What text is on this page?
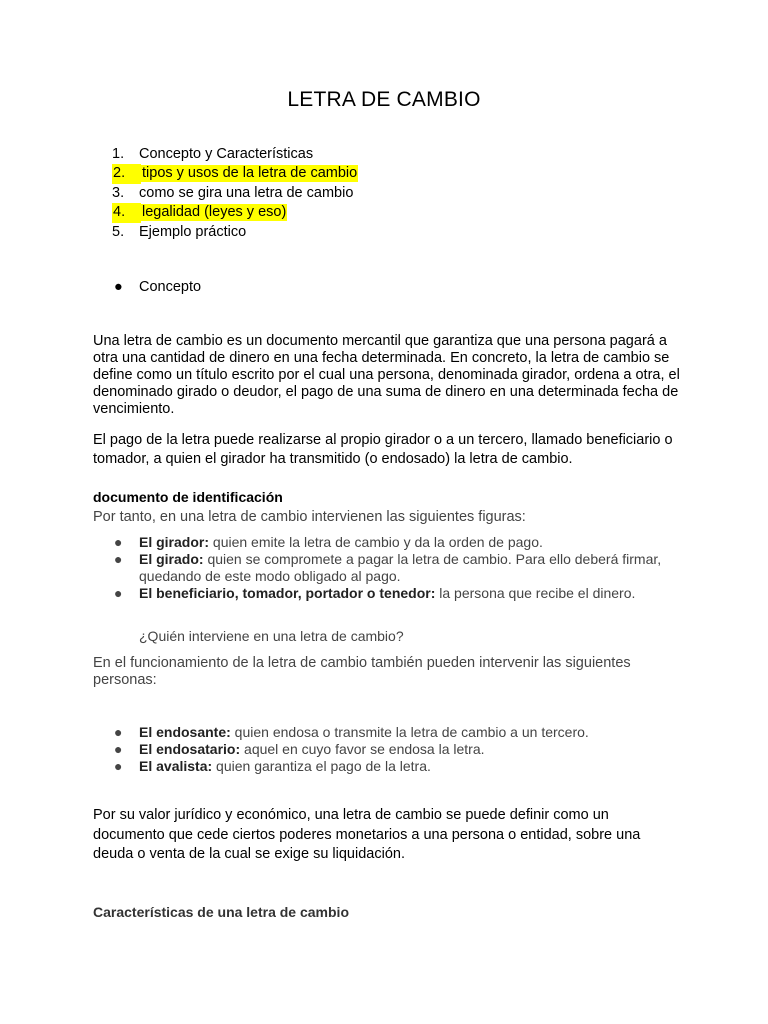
LETRA DE CAMBIO
1. Concepto y Características
2. tipos y usos de la letra de cambio
3. como se gira una letra de cambio
4. legalidad (leyes y eso)
5. Ejemplo práctico
● Concepto

Una letra de cambio es un documento mercantil que garantiza que una persona pagará a otra una cantidad de dinero en una fecha determinada. En concreto, la letra de cambio se define como un título escrito por el cual una persona, denominada girador, ordena a otra, el denominado girado o deudor, el pago de una suma de dinero en una determinada fecha de vencimiento.

El pago de la letra puede realizarse al propio girador o a un tercero, llamado beneficiario o tomador, a quien el girador ha transmitido (o endosado) la letra de cambio.

documento de identificación

Por tanto, en una letra de cambio intervienen las siguientes figuras:

● El girador: quien emite la letra de cambio y da la orden de pago.
● El girado: quien se compromete a pagar la letra de cambio. Para ello deberá firmar, quedando de este modo obligado al pago.
● El beneficiario, tomador, portador o tenedor: la persona que recibe el dinero.
¿Quién interviene en una letra de cambio?

En el funcionamiento de la letra de cambio también pueden intervenir las siguientes personas:

● El endosante: quien endosa o transmite la letra de cambio a un tercero.
● El endosatario: aquel en cuyo favor se endosa la letra.
● El avalista: quien garantiza el pago de la letra.

Por su valor jurídico y económico, una letra de cambio se puede definir como un documento que cede ciertos poderes monetarios a una persona o entidad, sobre una deuda o venta de la cual se exige su liquidación.

Características de una letra de cambio
